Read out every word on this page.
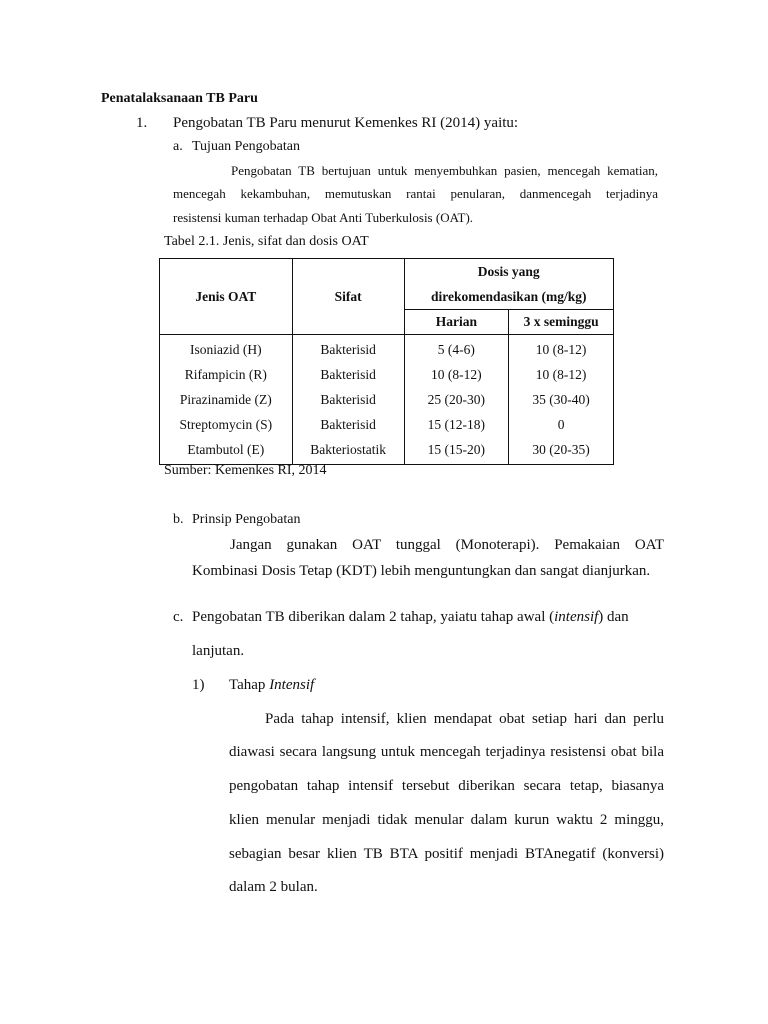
Penatalaksanaan TB Paru

1. Pengobatan TB Paru menurut Kemenkes RI (2014) yaitu:
a. Tujuan Pengobatan

Pengobatan TB bertujuan untuk menyembuhkan pasien, mencegah kematian,

mencegah kekambuhan, memutuskan rantai penularan, danmencegah terjadinya

resistensi kuman terhadap Obat Anti Tuberkulosis (OAT).

Tabel 2.1. Jenis, sifat dan dosis OAT

Jenis OAT	Sifat	Dosis yang
direkomendasikan (mg/kg)	
		Harian	3 x seminggu
Isoniazid (H)	Bakterisid	5 (4-6)	10 (8-12)
Rifampicin (R)	Bakterisid	10 (8-12)	10 (8-12)
Pirazinamide (Z)	Bakterisid	25 (20-30)	35 (30-40)
Streptomycin (S)	Bakterisid	15 (12-18)	0
Etambutol (E)	Bakteriostatik	15 (15-20)	30 (20-35)

Sumber: Kemenkes RI, 2014

b. Prinsip Pengobatan

Jangan gunakan OAT tunggal (Monoterapi). Pemakaian OAT

Kombinasi Dosis Tetap (KDT) lebih menguntungkan dan sangat dianjurkan.

c. Pengobatan TB diberikan dalam 2 tahap, yaiatu tahap awal (intensif) dan

lanjutan.

1) Tahap Intensif

Pada tahap intensif, klien mendapat obat setiap hari dan perlu

diawasi secara langsung untuk mencegah terjadinya resistensi obat bila

pengobatan tahap intensif tersebut diberikan secara tetap, biasanya

klien menular menjadi tidak menular dalam kurun waktu 2 minggu,

sebagian besar klien TB BTA positif menjadi BTAnegatif (konversi)

dalam 2 bulan.
